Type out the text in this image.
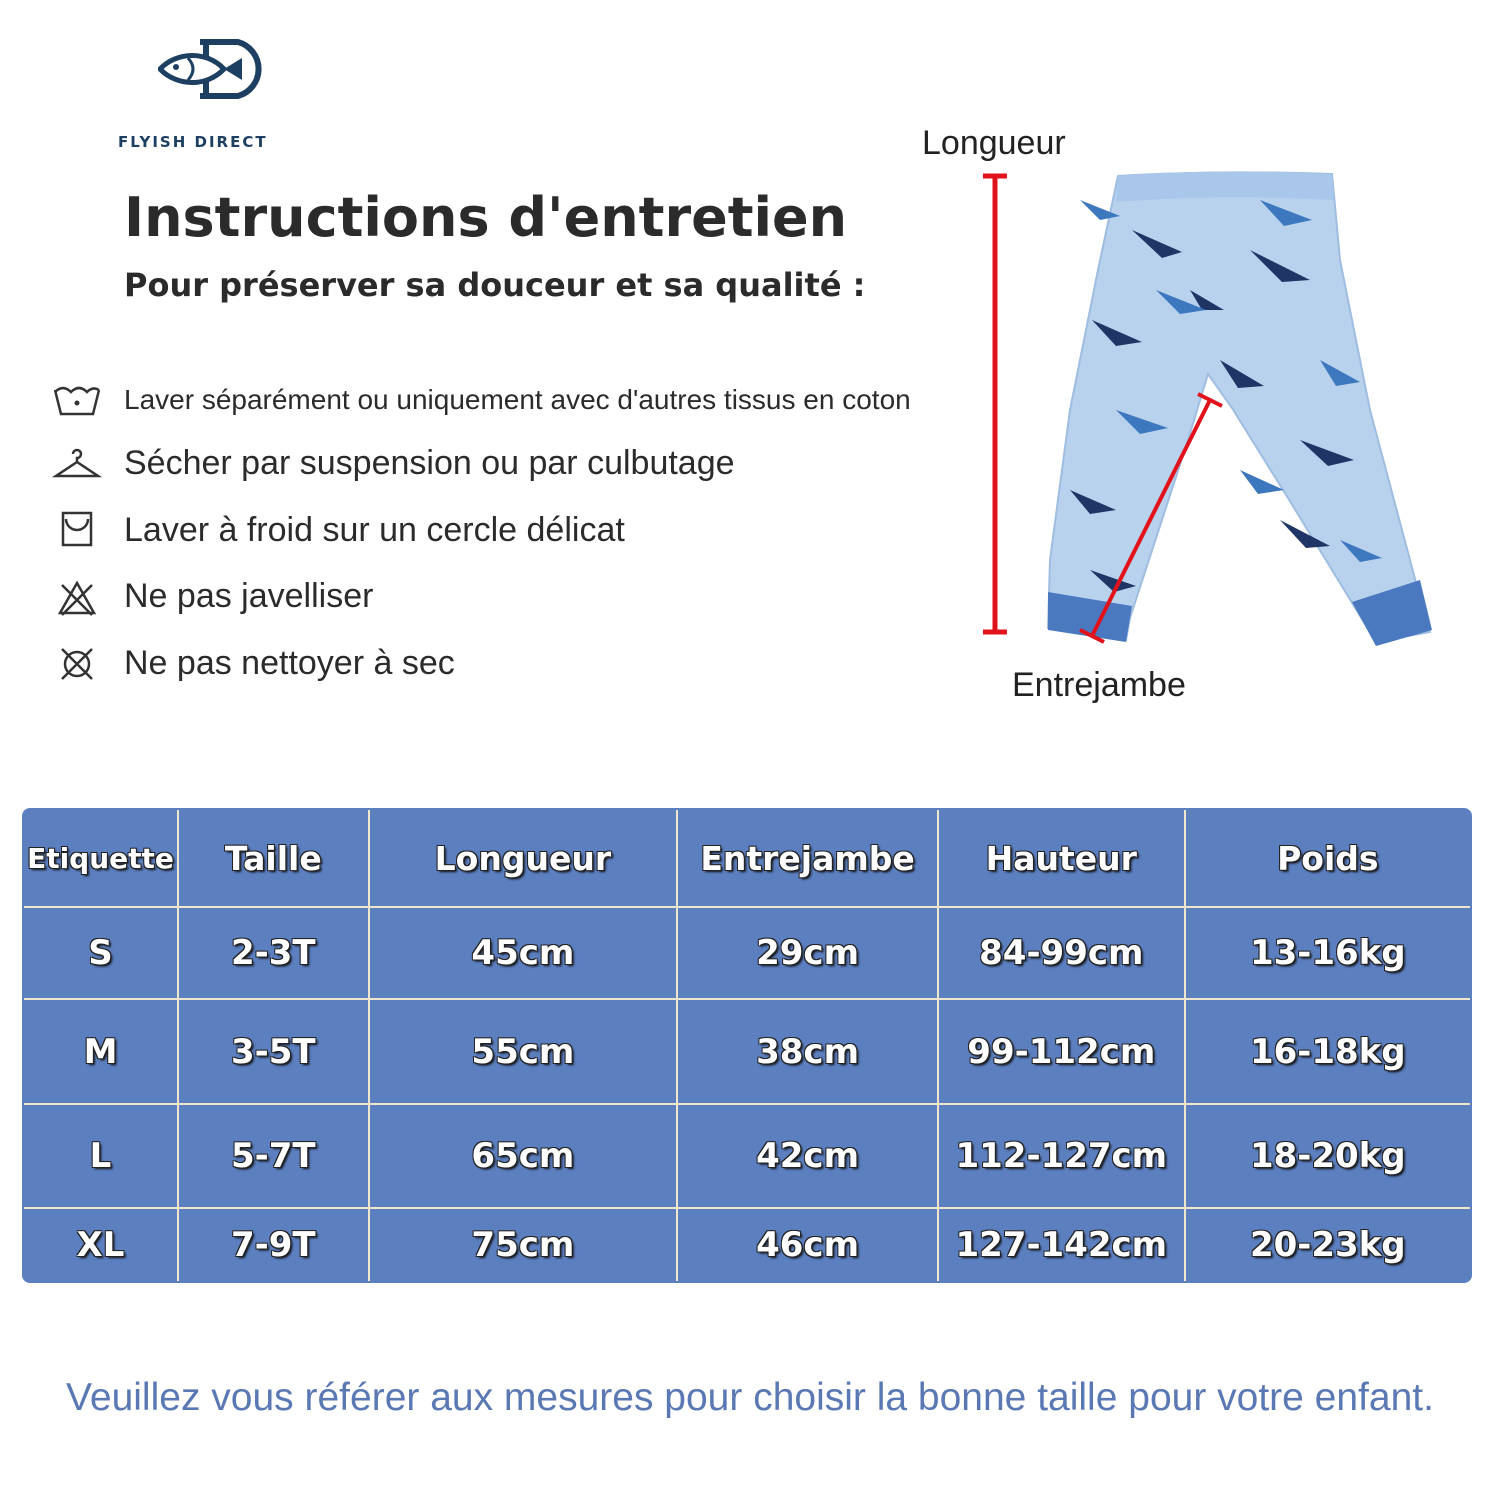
FLYISH DIRECT
Instructions d'entretien
Pour préserver sa douceur et sa qualité :
Laver séparément ou uniquement avec d'autres tissus en coton
Sécher par suspension ou par culbutage
Laver à froid sur un cercle délicat
Ne pas javelliser
Ne pas nettoyer à sec
Longueur
Entrejambe
Etiquette	Taille	Longueur	Entrejambe	Hauteur	Poids
S	2-3T	45cm	29cm	84-99cm	13-16kg
M	3-5T	55cm	38cm	99-112cm	16-18kg
L	5-7T	65cm	42cm	112-127cm	18-20kg
XL	7-9T	75cm	46cm	127-142cm	20-23kg
Veuillez vous référer aux mesures pour choisir la bonne taille pour votre enfant.
